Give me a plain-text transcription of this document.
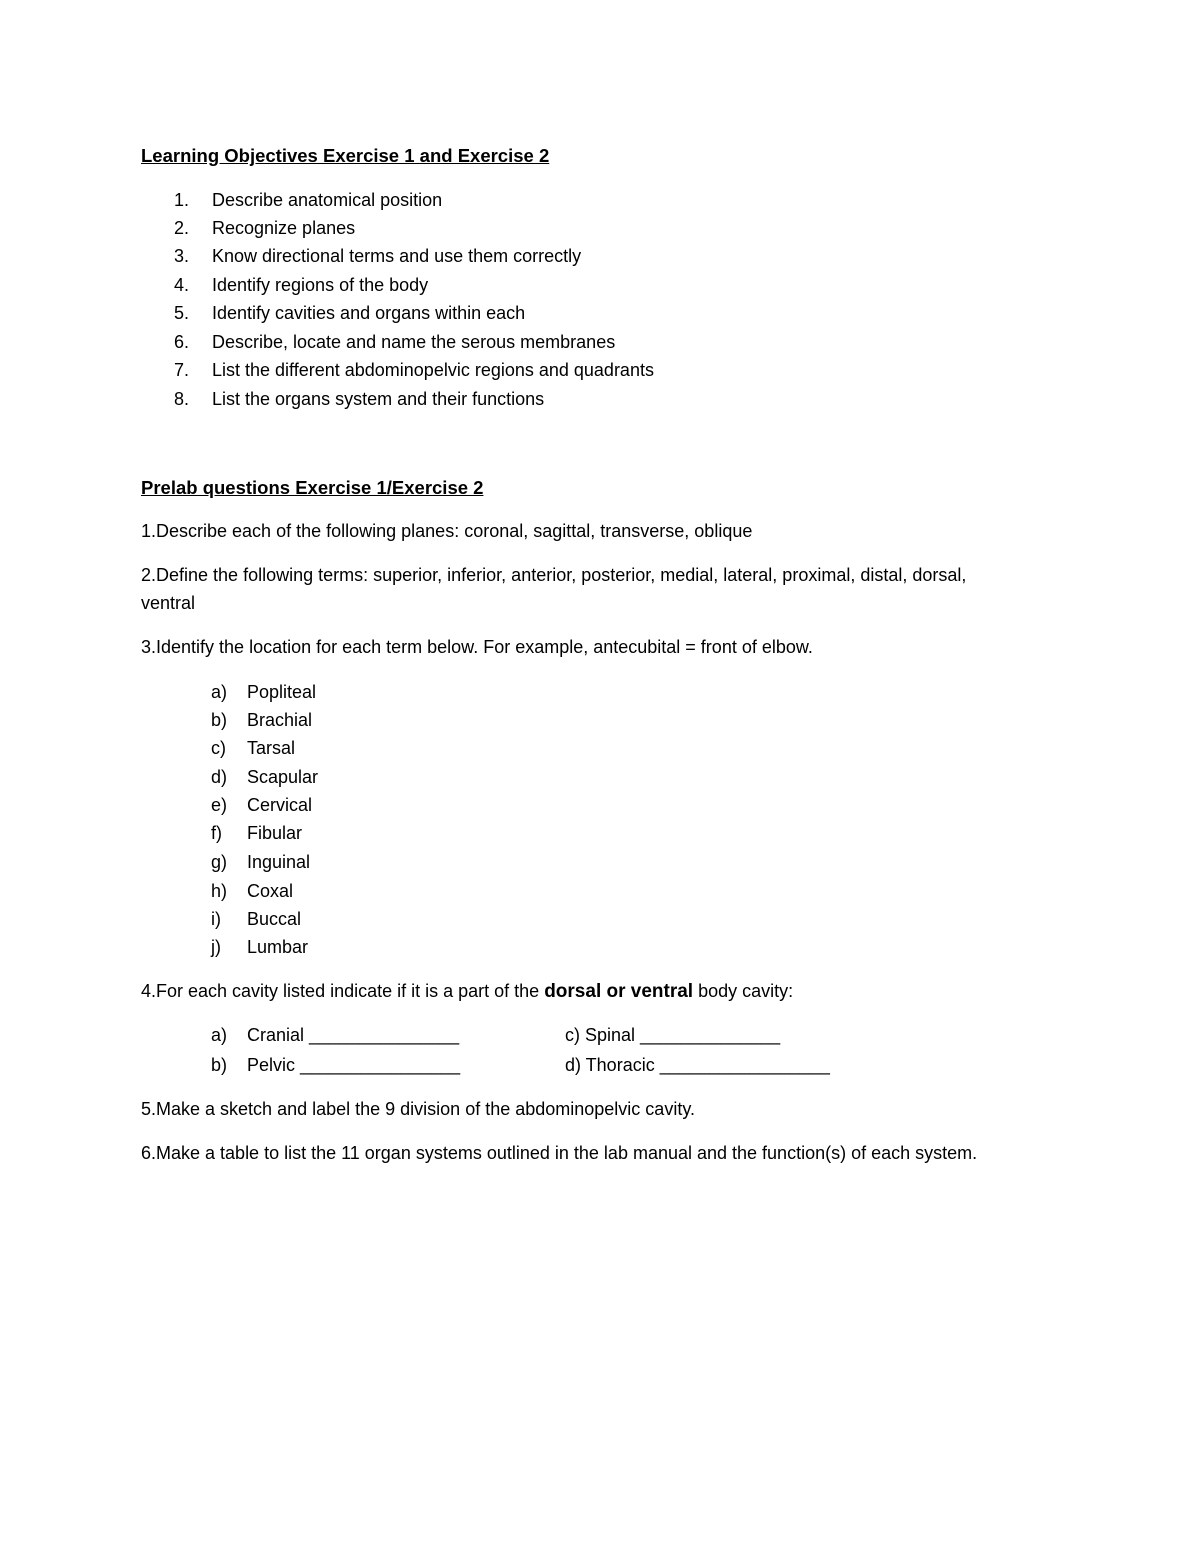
Learning Objectives Exercise 1 and Exercise 2
1. Describe anatomical position
2. Recognize planes
3. Know directional terms and use them correctly
4. Identify regions of the body
5. Identify cavities and organs within each
6. Describe, locate and name the serous membranes
7. List the different abdominopelvic regions and quadrants
8. List the organs system and their functions
Prelab questions Exercise 1/Exercise 2
1.Describe each of the following planes: coronal, sagittal, transverse, oblique
2.Define the following terms: superior, inferior, anterior, posterior, medial, lateral, proximal, distal, dorsal, ventral
3.Identify the location for each term below. For example, antecubital = front of elbow.
a) Popliteal
b) Brachial
c) Tarsal
d) Scapular
e) Cervical
f) Fibular
g) Inguinal
h) Coxal
i) Buccal
j) Lumbar
4.For each cavity listed indicate if it is a part of the dorsal or ventral body cavity:
a) Cranial _______________
b) Pelvic ________________
c) Spinal ______________
d) Thoracic _________________
5.Make a sketch and label the 9 division of the abdominopelvic cavity.
6.Make a table to list the 11 organ systems outlined in the lab manual and the function(s) of each system.
